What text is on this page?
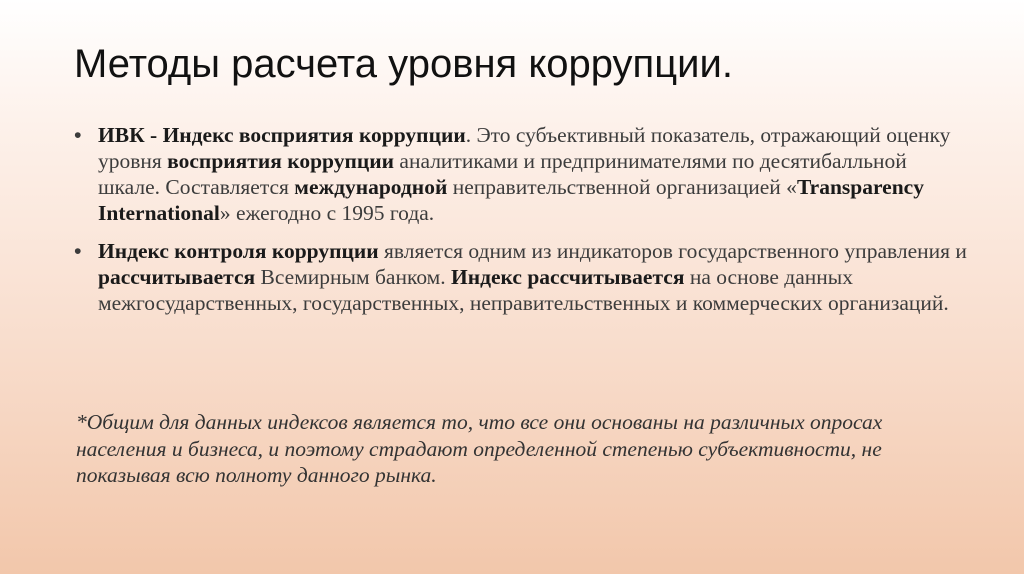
Методы расчета уровня коррупции.
• ИВК - Индекс восприятия коррупции. Это субъективный показатель, отражающий оценку уровня восприятия коррупции аналитиками и предпринимателями по десятибалльной шкале. Составляется международной неправительственной организацией «Transparency International» ежегодно с 1995 года.
• Индекс контроля коррупции является одним из индикаторов государственного управления и рассчитывается Всемирным банком. Индекс рассчитывается на основе данных межгосударственных, государственных, неправительственных и коммерческих организаций.

*Общим для данных индексов является то, что все они основаны на различных опросах населения и бизнеса, и поэтому страдают определенной степенью субъективности, не показывая всю полноту данного рынка.
